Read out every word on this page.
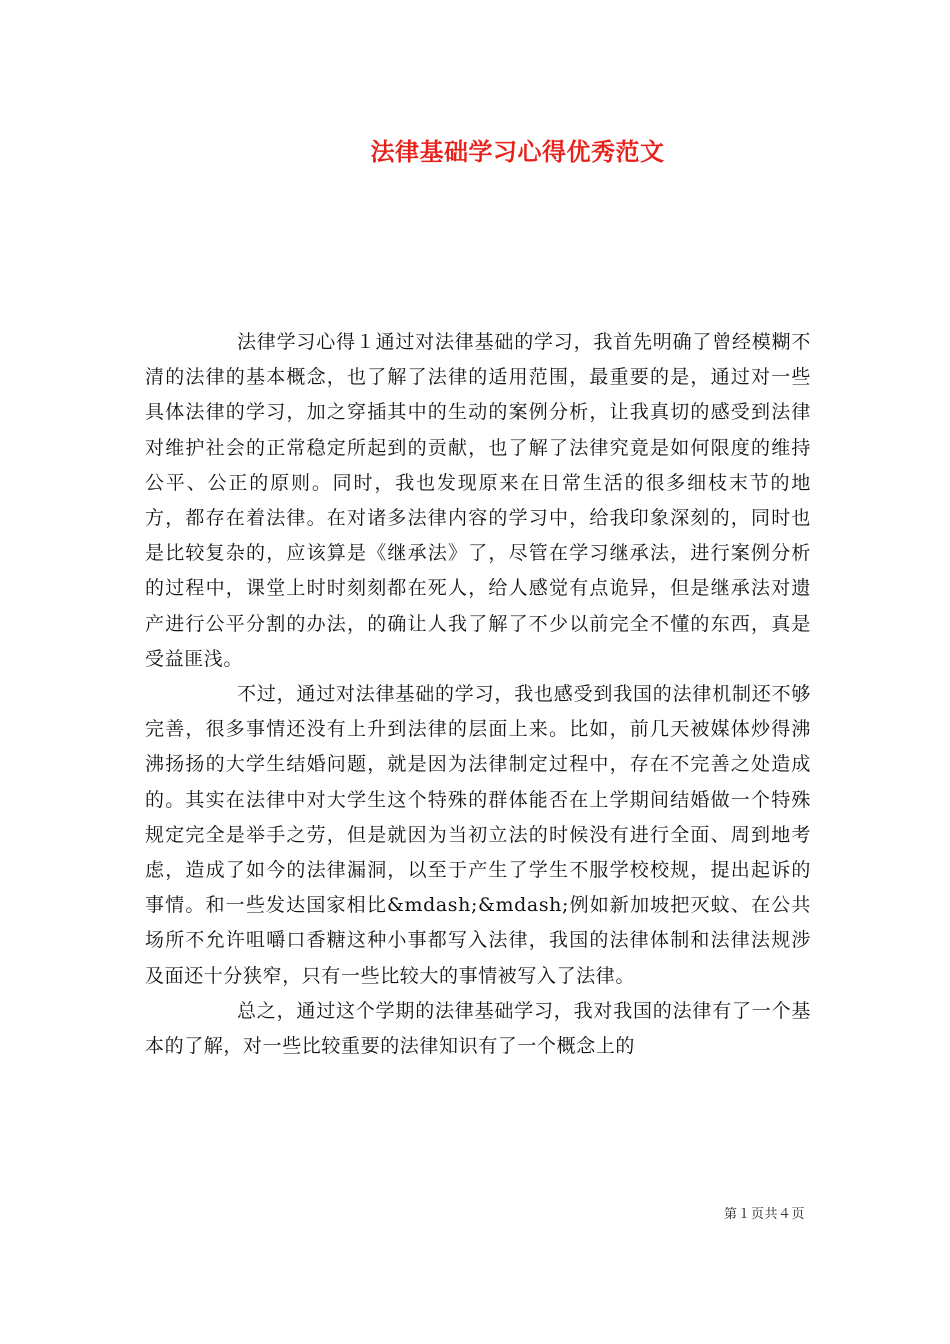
法律基础学习心得优秀范文

法律学习心得１通过对法律基础的学习，我首先明确了曾经模糊不清的法律的基本概念，也了解了法律的适用范围，最重要的是，通过对一些具体法律的学习，加之穿插其中的生动的案例分析，让我真切的感受到法律对维护社会的正常稳定所起到的贡献，也了解了法律究竟是如何限度的维持公平、公正的原则。同时，我也发现原来在日常生活的很多细枝末节的地方，都存在着法律。在对诸多法律内容的学习中，给我印象深刻的，同时也是比较复杂的，应该算是《继承法》了，尽管在学习继承法，进行案例分析的过程中，课堂上时时刻刻都在死人，给人感觉有点诡异，但是继承法对遗产进行公平分割的办法，的确让人我了解了不少以前完全不懂的东西，真是受益匪浅。

不过，通过对法律基础的学习，我也感受到我国的法律机制还不够完善，很多事情还没有上升到法律的层面上来。比如，前几天被媒体炒得沸沸扬扬的大学生结婚问题，就是因为法律制定过程中，存在不完善之处造成的。其实在法律中对大学生这个特殊的群体能否在上学期间结婚做一个特殊规定完全是举手之劳，但是就因为当初立法的时候没有进行全面、周到地考虑，造成了如今的法律漏洞，以至于产生了学生不服学校校规，提出起诉的事情。和一些发达国家相比&mdash;&mdash;例如新加坡把灭蚊、在公共场所不允许咀嚼口香糖这种小事都写入法律，我国的法律体制和法律法规涉及面还十分狭窄，只有一些比较大的事情被写入了法律。

总之，通过这个学期的法律基础学习，我对我国的法律有了一个基本的了解，对一些比较重要的法律知识有了一个概念上的

第１页共４页
